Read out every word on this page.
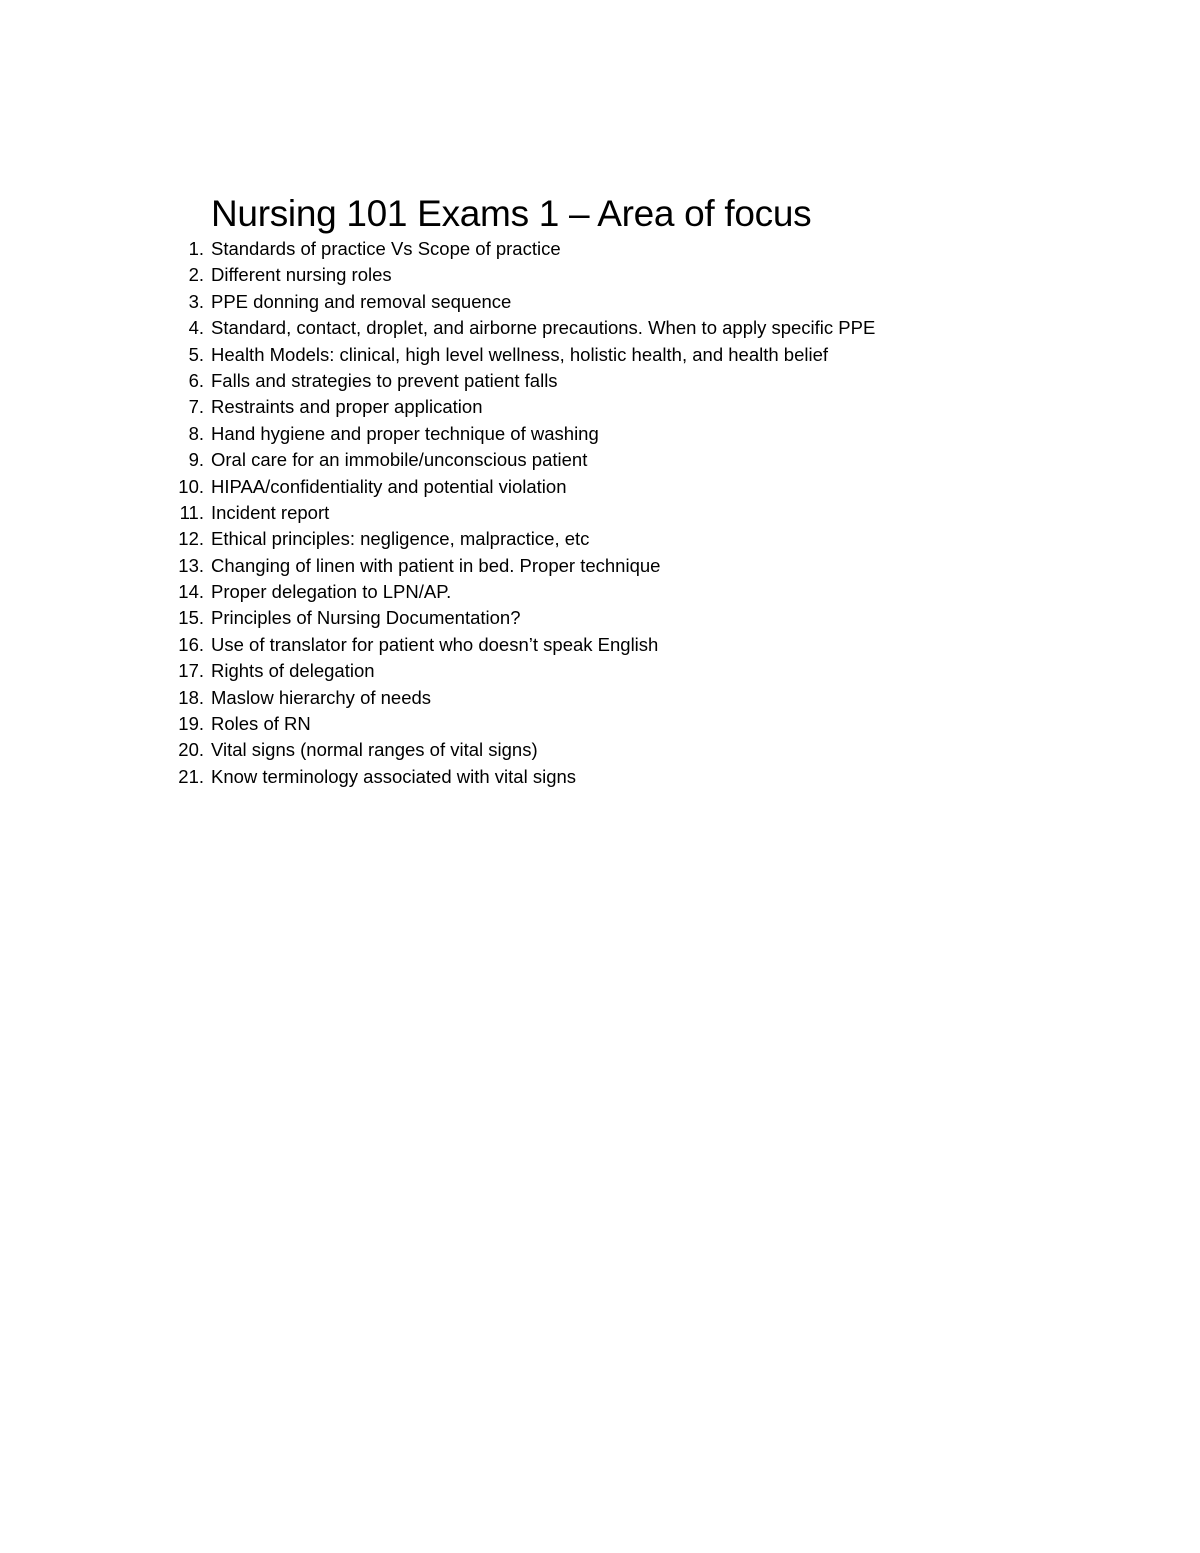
Nursing 101 Exams 1 – Area of focus
1. Standards of practice Vs Scope of practice
2. Different nursing roles
3. PPE donning and removal sequence
4. Standard, contact, droplet, and airborne precautions. When to apply specific PPE
5. Health Models: clinical, high level wellness, holistic health, and health belief
6. Falls and strategies to prevent patient falls
7. Restraints and proper application
8. Hand hygiene and proper technique of washing
9. Oral care for an immobile/unconscious patient
10. HIPAA/confidentiality and potential violation
11. Incident report
12. Ethical principles: negligence, malpractice, etc
13. Changing of linen with patient in bed. Proper technique
14. Proper delegation to LPN/AP.
15. Principles of Nursing Documentation?
16. Use of translator for patient who doesn’t speak English
17. Rights of delegation
18. Maslow hierarchy of needs
19. Roles of RN
20. Vital signs (normal ranges of vital signs)
21. Know terminology associated with vital signs
